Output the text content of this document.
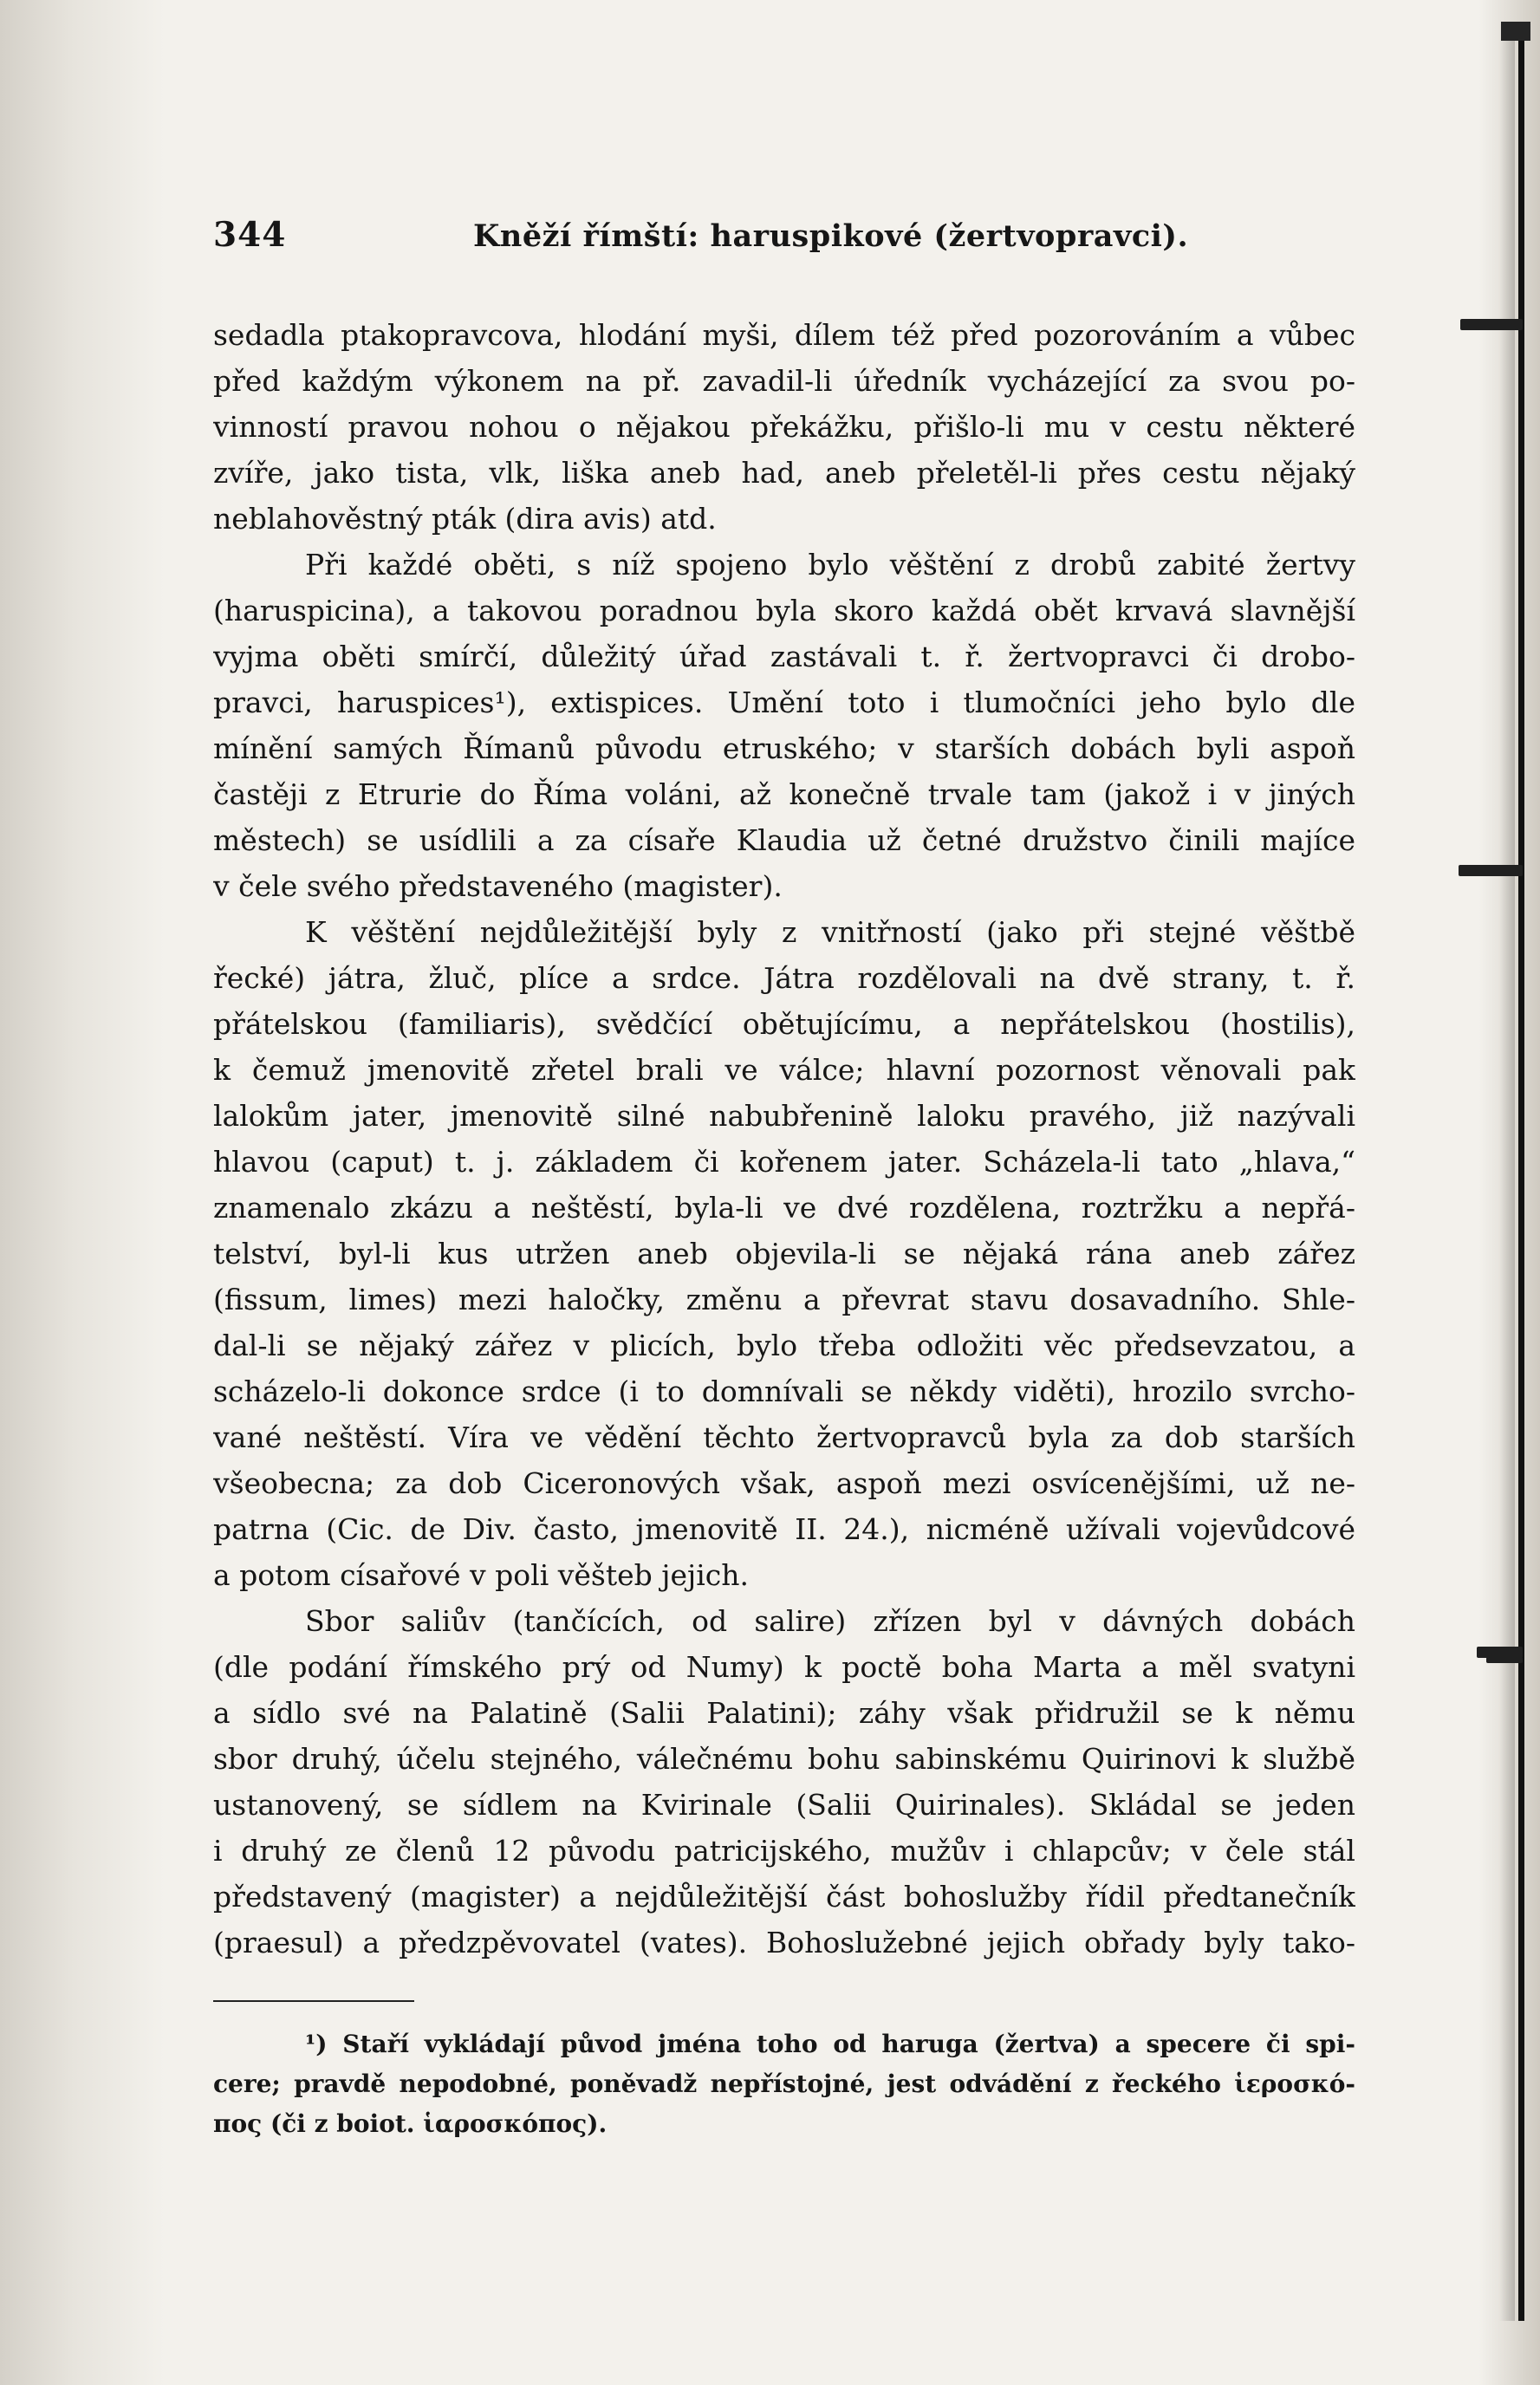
344	Kněží římští: haruspikové (žertvopravci).
sedadla ptakopravcova, hlodání myši, dílem též před pozorováním a vůbec
před každým výkonem na př. zavadil-li úředník vycházející za svou po-
vinností pravou nohou o nějakou překážku, přišlo-li mu v cestu některé
zvíře, jako tista, vlk, liška aneb had, aneb přeletěl-li přes cestu nějaký
neblahověstný pták (dira avis) atd.
Při každé oběti, s níž spojeno bylo věštění z drobů zabité žertvy
(haruspicina), a takovou poradnou byla skoro každá obět krvavá slavnější
vyjma oběti smírčí, důležitý úřad zastávali t. ř. žertvopravci či drobo-
pravci, haruspices¹), extispices. Umění toto i tlumočníci jeho bylo dle
mínění samých Římanů původu etruského; v starších dobách byli aspoň
častěji z Etrurie do Říma voláni, až konečně trvale tam (jakož i v jiných
městech) se usídlili a za císaře Klaudia už četné družstvo činili majíce
v čele svého představeného (magister).
K věštění nejdůležitější byly z vnitřností (jako při stejné věštbě
řecké) játra, žluč, plíce a srdce. Játra rozdělovali na dvě strany, t. ř.
přátelskou (familiaris), svědčící obětujícímu, a nepřátelskou (hostilis),
k čemuž jmenovitě zřetel brali ve válce; hlavní pozornost věnovali pak
lalokům jater, jmenovitě silné nabubřenině laloku pravého, již nazývali
hlavou (caput) t. j. základem či kořenem jater. Scházela-li tato „hlava,“
znamenalo zkázu a neštěstí, byla-li ve dvé rozdělena, roztržku a nepřá-
telství, byl-li kus utržen aneb objevila-li se nějaká rána aneb zářez
(fissum, limes) mezi haločky, změnu a převrat stavu dosavadního. Shle-
dal-li se nějaký zářez v plicích, bylo třeba odložiti věc předsevzatou, a
scházelo-li dokonce srdce (i to domnívali se někdy viděti), hrozilo svrcho-
vané neštěstí. Víra ve vědění těchto žertvopravců byla za dob starších
všeobecna; za dob Ciceronových však, aspoň mezi osvícenějšími, už ne-
patrna (Cic. de Div. často, jmenovitě II. 24.), nicméně užívali vojevůdcové
a potom císařové v poli věšteb jejich.
Sbor saliův (tančících, od salire) zřízen byl v dávných dobách
(dle podání římského prý od Numy) k poctě boha Marta a měl svatyni
a sídlo své na Palatině (Salii Palatini); záhy však přidružil se k němu
sbor druhý, účelu stejného, válečnému bohu sabinskému Quirinovi k službě
ustanovený, se sídlem na Kvirinale (Salii Quirinales). Skládal se jeden
i druhý ze členů 12 původu patricijského, mužův i chlapcův; v čele stál
představený (magister) a nejdůležitější část bohoslužby řídil předtanečník
(praesul) a předzpěvovatel (vates). Bohoslužebné jejich obřady byly tako-
¹) Staří vykládají původ jména toho od haruga (žertva) a specere či spi-
cere; pravdě nepodobné, poněvadž nepřístojné, jest odvádění z řeckého ἱεροσκό-
πος (či z boiot. ἱαροσκόπος).
